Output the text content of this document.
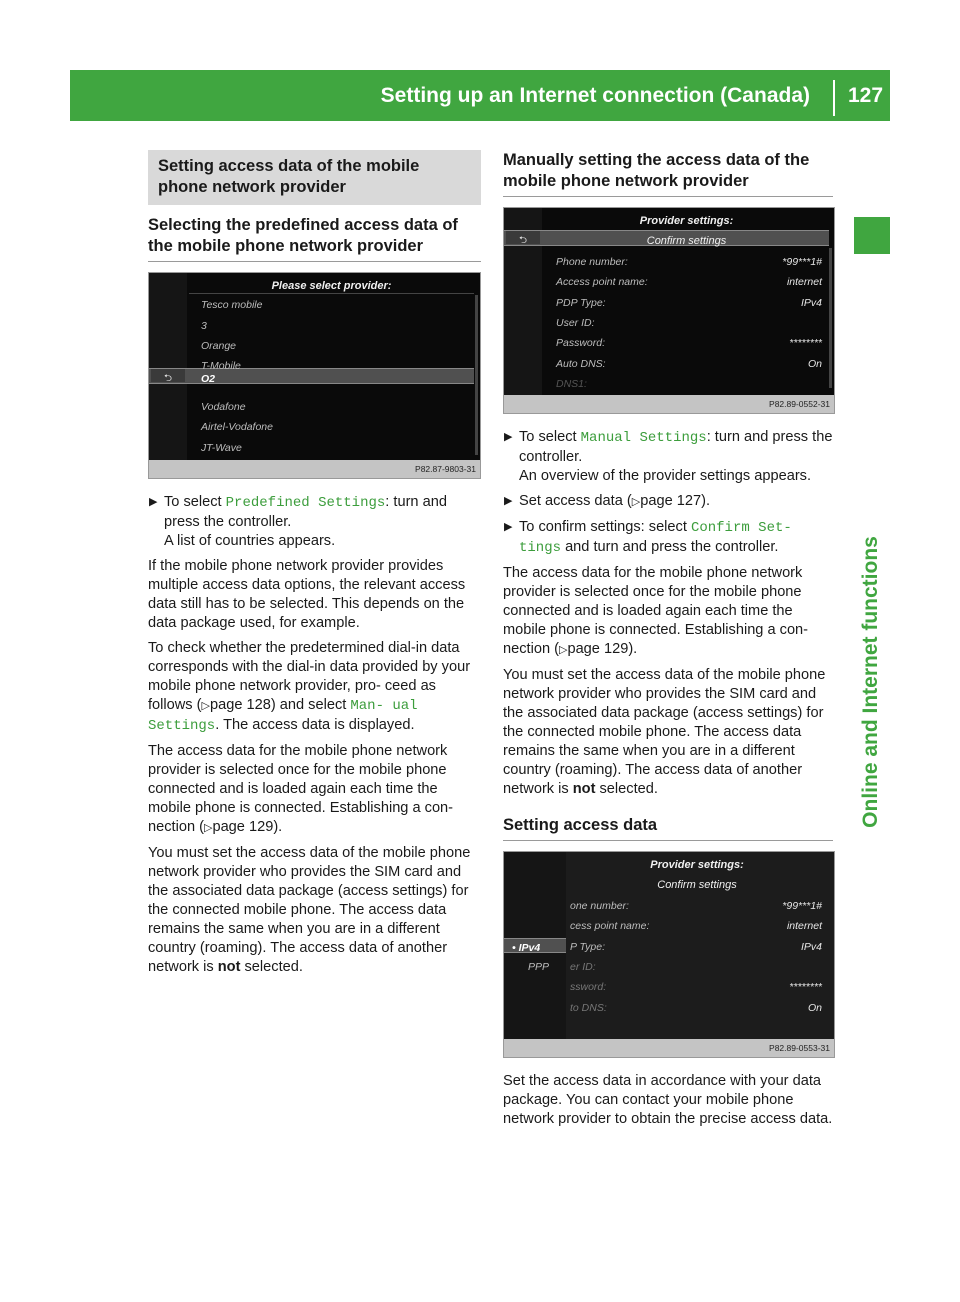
Setting up an Internet connection (Canada) 127
Online and Internet functions
Setting access data of the mobile phone network provider
Selecting the predefined access data of the mobile phone network provider
Please select provider:
⮌
Tesco mobile
3
Orange
T-Mobile
O2
Vodafone
Airtel-Vodafone
JT-Wave
P82.87-9803-31
▶ To select Predefined Settings: turn and press the controller.
A list of countries appears.

If the mobile phone network provider provides multiple access data options, the relevant access data still has to be selected. This depends on the data package used, for example.

To check whether the predetermined dial-in data corresponds with the dial-in data provided by your mobile phone network provider, pro- ceed as follows (▷page 128) and select Man‑ ual Settings. The access data is displayed.

The access data for the mobile phone network provider is selected once for the mobile phone connected and is loaded again each time the mobile phone is connected. Establishing a con- nection (▷page 129).

You must set the access data of the mobile phone network provider who provides the SIM card and the associated data package (access settings) for the connected mobile phone. The access data remains the same when you are in a different country (roaming). The access data of another network is not selected.

Manually setting the access data of the mobile phone network provider
Provider settings:
⮌	Confirm settings
Phone number:	*99***1#
Access point name:	internet
PDP Type:	IPv4
User ID:
Password:	********
Auto DNS:	On
DNS1:
P82.89-0552-31
▶ To select Manual Settings: turn and press the controller.
An overview of the provider settings appears.
▶ Set access data (▷page 127).
▶ To confirm settings: select Confirm Set‑ tings and turn and press the controller.

The access data for the mobile phone network provider is selected once for the mobile phone connected and is loaded again each time the mobile phone is connected. Establishing a con- nection (▷page 129).

You must set the access data of the mobile phone network provider who provides the SIM card and the associated data package (access settings) for the connected mobile phone. The access data remains the same when you are in a different country (roaming). The access data of another network is not selected.

Setting access data
Provider settings:
Confirm settings
• IPv4
PPP
one number:	*99***1#
cess point name:	internet
P Type:	IPv4
er ID:
ssword:	********
to DNS:	On
P82.89-0553-31

Set the access data in accordance with your data package. You can contact your mobile phone network provider to obtain the precise access data.
